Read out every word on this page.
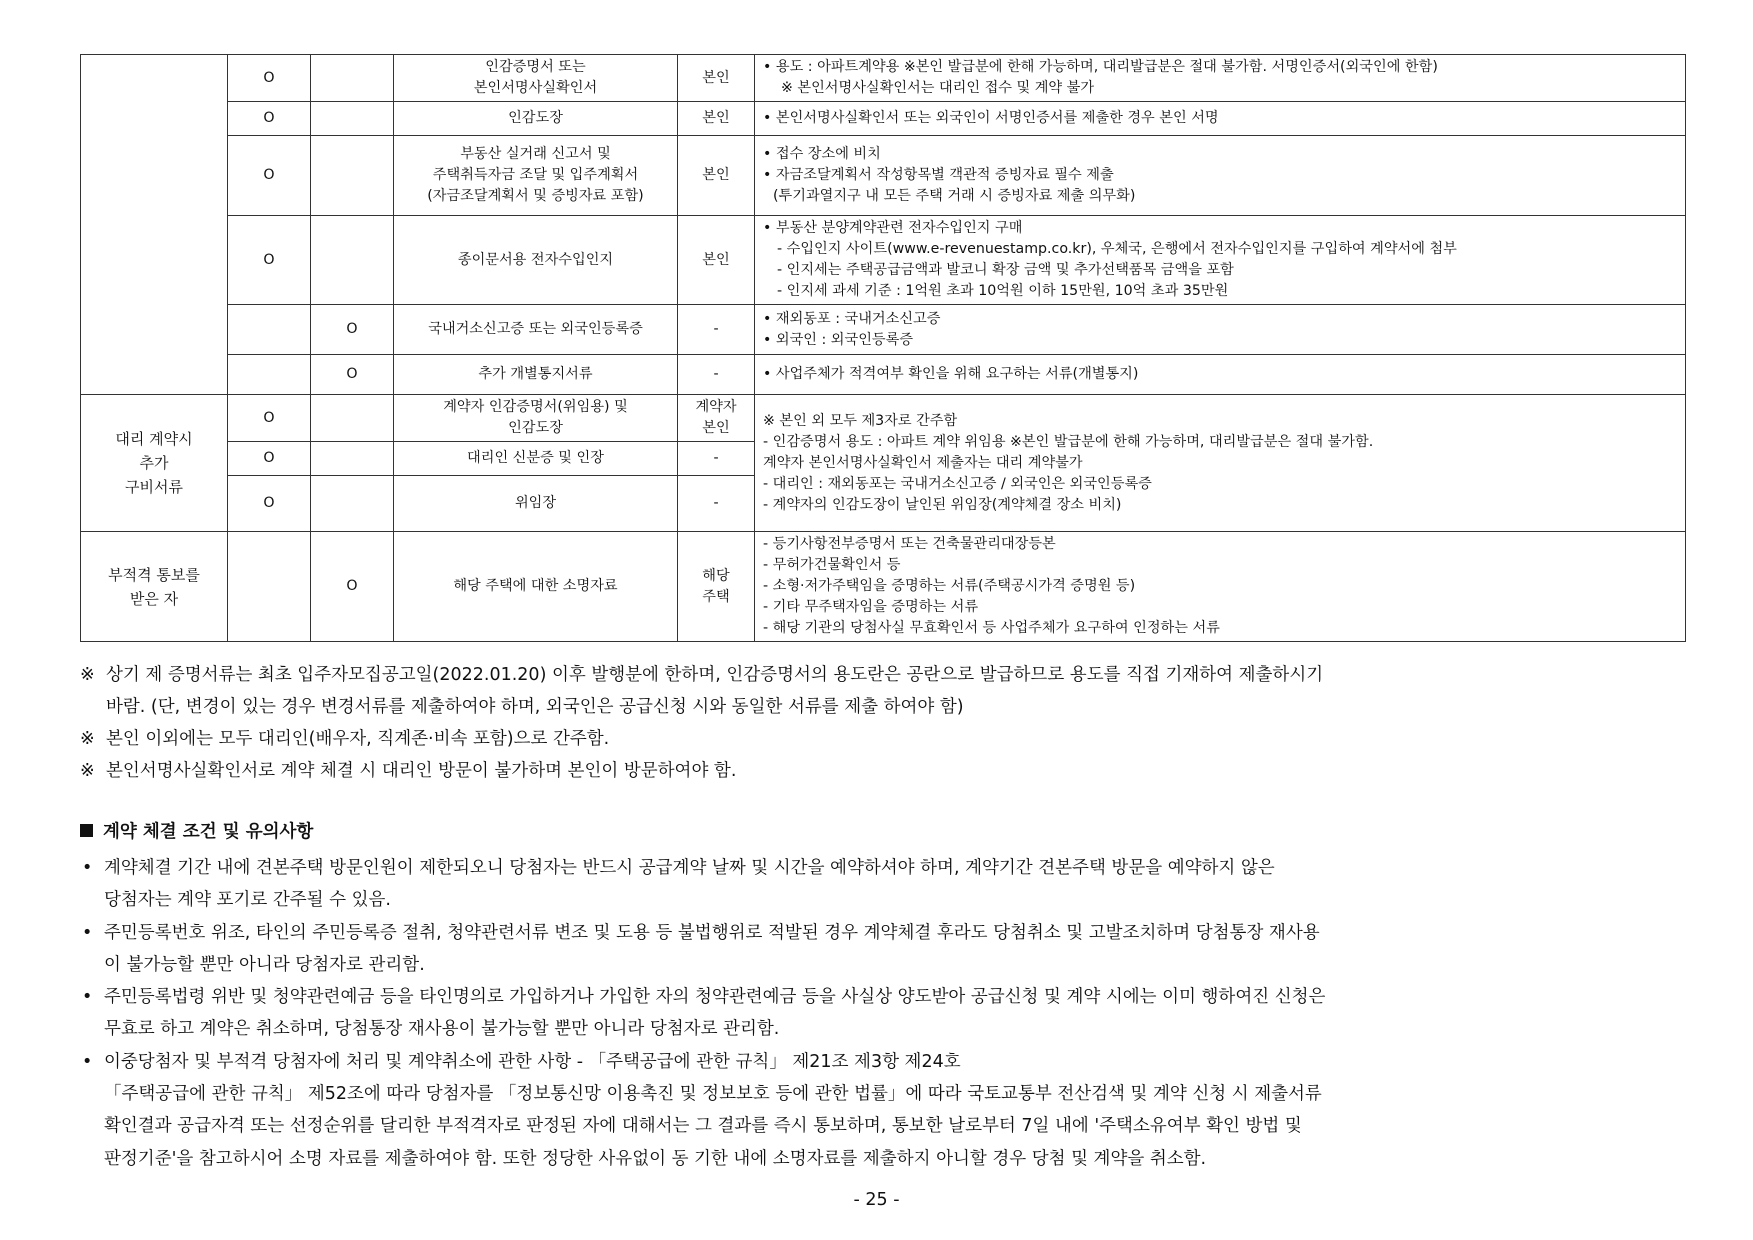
	O		인감증명서 또는
본인서명사실확인서	본인	• 용도 : 아파트계약용 ※본인 발급분에 한해 가능하며, 대리발급분은 절대 불가함. 서명인증서(외국인에 한함)
※ 본인서명사실확인서는 대리인 접수 및 계약 불가

	O		인감도장	본인	• 본인서명사실확인서 또는 외국인이 서명인증서를 제출한 경우 본인 서명

	O		부동산 실거래 신고서 및
주택취득자금 조달 및 입주계획서
(자금조달계획서 및 증빙자료 포함)	본인	• 접수 장소에 비치
• 자금조달계획서 작성항목별 객관적 증빙자료 필수 제출
(투기과열지구 내 모든 주택 거래 시 증빙자료 제출 의무화)

	O		종이문서용 전자수입인지	본인	• 부동산 분양계약관련 전자수입인지 구매
- 수입인지 사이트(www.e-revenuestamp.co.kr), 우체국, 은행에서 전자수입인지를 구입하여 계약서에 첨부
- 인지세는 주택공급금액과 발코니 확장 금액 및 추가선택품목 금액을 포함
- 인지세 과세 기준 : 1억원 초과 10억원 이하 15만원, 10억 초과 35만원

		O	국내거소신고증 또는 외국인등록증	-	• 재외동포 : 국내거소신고증
• 외국인 : 외국인등록증

		O	추가 개별통지서류	-	• 사업주체가 적격여부 확인을 위해 요구하는 서류(개별통지)

대리 계약시
추가
구비서류	O		계약자 인감증명서(위임용) 및
인감도장	계약자
본인	※ 본인 외 모두 제3자로 간주함
- 인감증명서 용도 : 아파트 계약 위임용 ※본인 발급분에 한해 가능하며, 대리발급분은 절대 불가함.
계약자 본인서명사실확인서 제출자는 대리 계약불가
- 대리인 : 재외동포는 국내거소신고증 / 외국인은 외국인등록증
- 계약자의 인감도장이 날인된 위임장(계약체결 장소 비치)

	O		대리인 신분증 및 인장	-	

	O		위임장	-	

부적격 통보를
받은 자		O	해당 주택에 대한 소명자료	해당
주택	- 등기사항전부증명서 또는 건축물관리대장등본
- 무허가건물확인서 등
- 소형·저가주택임을 증명하는 서류(주택공시가격 증명원 등)
- 기타 무주택자임을 증명하는 서류
- 해당 기관의 당첨사실 무효확인서 등 사업주체가 요구하여 인정하는 서류
※ 상기 제 증명서류는 최초 입주자모집공고일(2022.01.20) 이후 발행분에 한하며, 인감증명서의 용도란은 공란으로 발급하므로 용도를 직접 기재하여 제출하시기
바람. (단, 변경이 있는 경우 변경서류를 제출하여야 하며, 외국인은 공급신청 시와 동일한 서류를 제출 하여야 함)
※ 본인 이외에는 모두 대리인(배우자, 직계존·비속 포함)으로 간주함.
※ 본인서명사실확인서로 계약 체결 시 대리인 방문이 불가하며 본인이 방문하여야 함.
계약 체결 조건 및 유의사항
• 계약체결 기간 내에 견본주택 방문인원이 제한되오니 당첨자는 반드시 공급계약 날짜 및 시간을 예약하셔야 하며, 계약기간 견본주택 방문을 예약하지 않은
당첨자는 계약 포기로 간주될 수 있음.
• 주민등록번호 위조, 타인의 주민등록증 절취, 청약관련서류 변조 및 도용 등 불법행위로 적발된 경우 계약체결 후라도 당첨취소 및 고발조치하며 당첨통장 재사용
이 불가능할 뿐만 아니라 당첨자로 관리함.
• 주민등록법령 위반 및 청약관련예금 등을 타인명의로 가입하거나 가입한 자의 청약관련예금 등을 사실상 양도받아 공급신청 및 계약 시에는 이미 행하여진 신청은
무효로 하고 계약은 취소하며, 당첨통장 재사용이 불가능할 뿐만 아니라 당첨자로 관리함.
• 이중당첨자 및 부적격 당첨자에 처리 및 계약취소에 관한 사항 - 「주택공급에 관한 규칙」 제21조 제3항 제24호
「주택공급에 관한 규칙」 제52조에 따라 당첨자를 「정보통신망 이용촉진 및 정보보호 등에 관한 법률」에 따라 국토교통부 전산검색 및 계약 신청 시 제출서류
확인결과 공급자격 또는 선정순위를 달리한 부적격자로 판정된 자에 대해서는 그 결과를 즉시 통보하며, 통보한 날로부터 7일 내에 '주택소유여부 확인 방법 및
판정기준'을 참고하시어 소명 자료를 제출하여야 함. 또한 정당한 사유없이 동 기한 내에 소명자료를 제출하지 아니할 경우 당첨 및 계약을 취소함.
- 25 -
